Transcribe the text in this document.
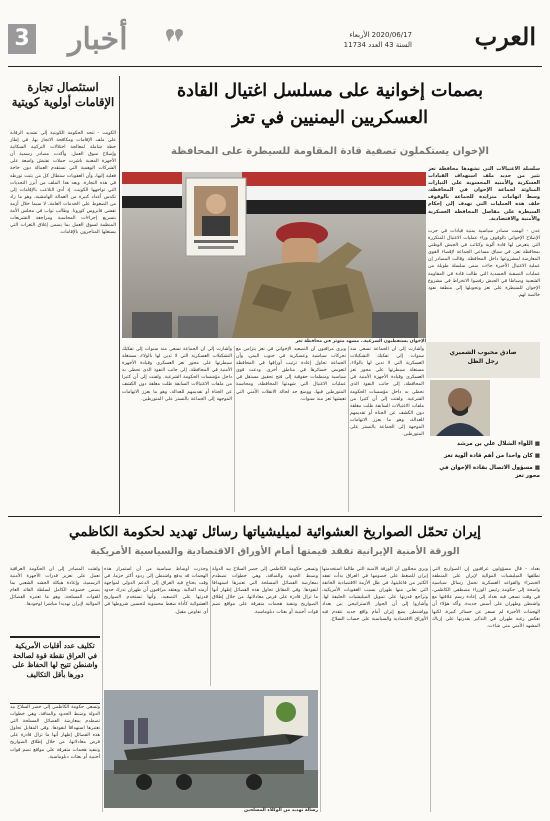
العرب
2020/06/17 الأربعاء
السنة 43 العدد 11734
أخبار
3
بصمات إخوانية على مسلسل اغتيال القادة
العسكريين اليمنيين في تعز
الإخوان يستكملون تصفية قادة المقاومة للسيطرة على المحافظة
سلسلة الاغتيالات التي تشهدها محافظة تعز تثير من جديد ملف استهداف القيادات العسكرية والأمنية المحسوبة على التيارات المناوئة لجماعة الإخوان في المحافظة، وسط اتهامات متزايدة للجماعة بالوقوف خلف هذه العمليات التي تهدف إلى إحكام السيطرة على مفاصل المحافظة العسكرية والأمنية والاقتصادية.
عدن - اتهمت مصادر سياسية يمنية قيادات في حزب الإصلاح الإخواني بالوقوف وراء عمليات الاغتيال المتكررة التي يتعرض لها قادة ألوية وكتائب في الجيش الوطني بمحافظة تعز، في سياق مساعي الجماعة لإقصاء القوى المعارضة لمشروعها داخل المحافظة. وقالت المصادر إن عملية الاغتيال الأخيرة جاءت ضمن سلسلة طويلة من عمليات التصفية الجسدية التي طالت قادة في المقاومة الشعبية وضباطا في الجيش رفضوا الانخراط في مشروع الإخوان للسيطرة على تعز وتحويلها إلى منطقة نفوذ خالصة لهم.
الإخوان يستقطبون الشرعية.. مشهد متوتر في محافظة تعز
وأشارت إلى أن الجماعة تسعى منذ سنوات إلى تفكيك التشكيلات العسكرية التي لا تدين لها بالولاء، مستغلة سيطرتها على محور تعز العسكري وقيادة الأجهزة الأمنية في المحافظة، إلى جانب النفوذ الذي تحظى به داخل مؤسسات الحكومة الشرعية. ولفتت إلى أن كثيرا من ملفات الاغتيالات السابقة ظلت مغلقة دون الكشف عن الجناة أو تقديمهم للعدالة، وهو ما يعزز الاتهامات الموجهة إلى الجماعة بالتستر على المتورطين.
ويرى مراقبون أن التصعيد الإخواني في تعز يتزامن مع تحركات سياسية وعسكرية في جنوب اليمن، وأن الجماعة تحاول إعادة ترتيب أوراقها في المحافظة لتعويض خسائرها في مناطق أخرى. ودعت قوى سياسية ومنظمات حقوقية إلى فتح تحقيق مستقل في عمليات الاغتيال التي شهدتها المحافظة، ومحاسبة المتورطين فيها، ووضع حد لحالة الانفلات الأمني التي تعيشها تعز منذ سنوات.
وأشارت إلى أن الجماعة تسعى منذ سنوات إلى تفكيك التشكيلات العسكرية التي لا تدين لها بالولاء، مستغلة سيطرتها على محور تعز العسكري وقيادة الأجهزة الأمنية في المحافظة، إلى جانب النفوذ الذي تحظى به داخل مؤسسات الحكومة الشرعية. ولفتت إلى أن كثيرا من ملفات الاغتيالات السابقة ظلت مغلقة دون الكشف عن الجناة أو تقديمهم للعدالة، وهو ما يعزز الاتهامات الموجهة إلى الجماعة بالتستر على المتورطين.
صادق محبوب الشميري
رجل الظل
■ اللواء الشلال علي بن مرشد
■ كان واحدا من أهم قادة ألوية تعز
■ مسؤول الاتصال بقادة الإخوان في محور تعز
استئصال تجارة الإقامات أولوية كويتية
الكويت - تتجه الحكومة الكويتية إلى تشديد الرقابة على ملف الإقامات ومكافحة الاتجار بها، في إطار خطة شاملة لمعالجة اختلالات التركيبة السكانية وإصلاح سوق العمل. وأكدت مصادر رسمية أن الأجهزة المعنية باشرت حملات تفتيش واسعة على الشركات الوهمية التي تستقدم العمالة دون حاجة فعلية إليها، وأن العقوبات ستطال كل من يثبت تورطه في هذه التجارة. ويعد هذا الملف من أبرز التحديات التي تواجهها الكويت، إذ أدى التلاعب بالإقامات إلى تكدس أعداد كبيرة من العمالة الهامشية، وهو ما زاد من الضغوط على الخدمات العامة، لا سيما خلال أزمة تفشي فايروس كورونا. وطالب نواب في مجلس الأمة بتسريع إجراءات المحاسبة ومراجعة التشريعات المنظمة لسوق العمل بما يضمن إغلاق الثغرات التي يستغلها المتاجرون بالإقامات.
إيران تحمّل الصواريخ العشوائية لميليشياتها رسائل تهديد لحكومة الكاظمي
الورقة الأمنية الإيرانية تفقد قيمتها أمام الأوراق الاقتصادية والسياسية الأمريكية
بغداد - قال مسؤولون عراقيون إن الصواريخ التي تطلقها الميليشيات الموالية لإيران على المنطقة الخضراء والقواعد العسكرية تحمل رسائل سياسية واضحة إلى حكومة رئيس الوزراء مصطفى الكاظمي، في وقت تسعى فيه بغداد إلى إعادة رسم علاقتها مع واشنطن وطهران على أسس جديدة. وأكد هؤلاء أن الهجمات الأخيرة لم تسفر عن خسائر كبيرة، لكنها تعكس رغبة طهران في التذكير بقدرتها على إرباك المشهد الأمني متى شاءت.
ويرى محللون أن الورقة الأمنية التي طالما استخدمتها إيران للضغط على خصومها في العراق بدأت تفقد الكثير من فاعليتها، في ظل الأزمة الاقتصادية الخانقة التي تعاني منها طهران بسبب العقوبات الأمريكية، وتراجع قدرتها على تمويل الميليشيات الحليفة لها. وأشاروا إلى أن الحوار الاستراتيجي بين بغداد وواشنطن يضع إيران أمام واقع جديد تتقدم فيه الأوراق الاقتصادية والسياسية على حساب السلاح.
وتسعى حكومة الكاظمي إلى حصر السلاح بيد الدولة وضبط الحدود والمنافذ، وهي خطوات تصطدم بمعارضة الفصائل المسلحة التي تعتبرها استهدافا لنفوذها. وفي المقابل تحاول هذه الفصائل إظهار أنها ما تزال قادرة على فرض معادلاتها، من خلال إطلاق الصواريخ وتنفيذ هجمات متفرقة على مواقع تضم قوات أجنبية أو بعثات دبلوماسية.
وحذرت أوساط سياسية من أن استمرار هذه الهجمات قد يدفع واشنطن إلى ردود أكثر حزما، في وقت يحتاج فيه العراق إلى الدعم الدولي لمواجهة أزمته المالية. ويعتقد مراقبون أن طهران تدرك حدود قدرتها على التصعيد، وأنها تستخدم الصواريخ العشوائية كأداة ضغط محسوبة لتحسين شروطها في أي تفاوض مقبل.
ولفتت المصادر إلى أن الحكومة العراقية تعمل على تعزيز قدرات الأجهزة الأمنية الرسمية، وإعادة هيكلة الحشد الشعبي بما يضمن خضوعه الكامل لسلطة القائد العام للقوات المسلحة، وهو ما تعتبره الفصائل الموالية لإيران تهديدا مباشرا لوجودها.
تكليف عدد أقليات الأمريكية في العراق نقطة قوة لصالحة واشنطن تتيح لها الحفاظ على دورها بأقل التكاليف
وتسعى حكومة الكاظمي إلى حصر السلاح بيد الدولة وضبط الحدود والمنافذ، وهي خطوات تصطدم بمعارضة الفصائل المسلحة التي تعتبرها استهدافا لنفوذها. وفي المقابل تحاول هذه الفصائل إظهار أنها ما تزال قادرة على فرض معادلاتها، من خلال إطلاق الصواريخ وتنفيذ هجمات متفرقة على مواقع تضم قوات أجنبية أو بعثات دبلوماسية.
رسالة تهديد من الوكلاء المسلحين
